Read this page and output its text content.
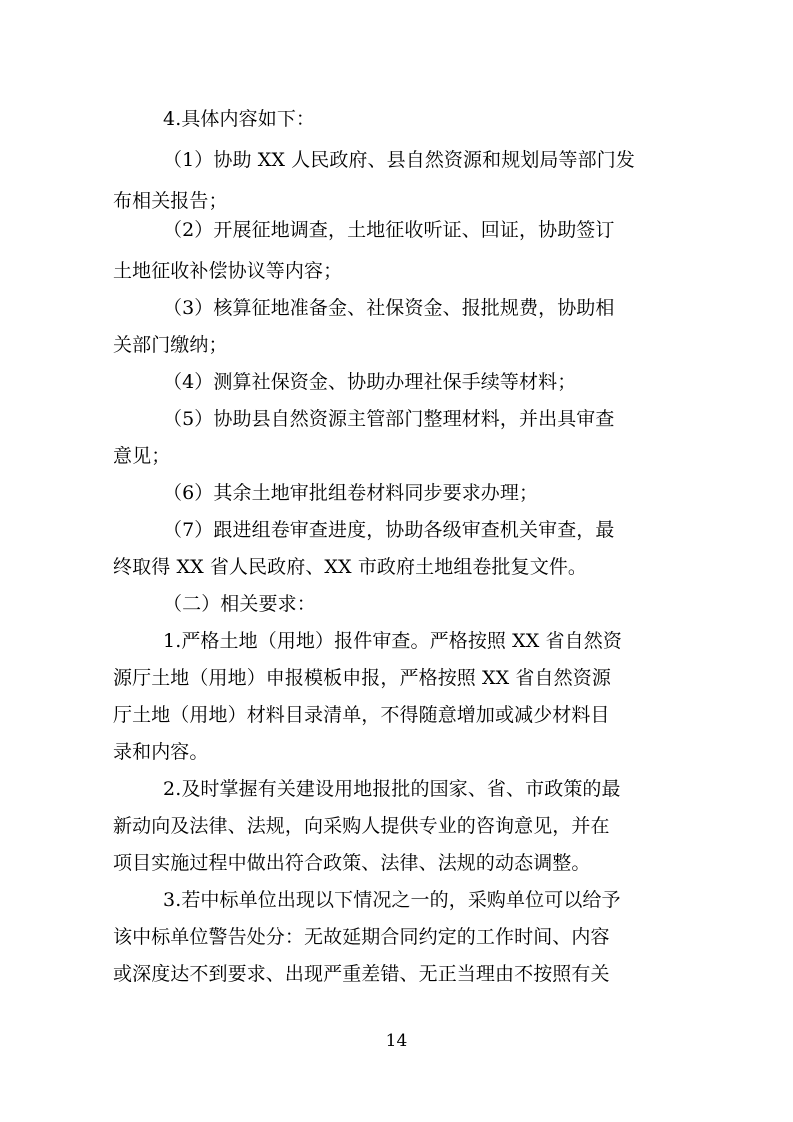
4.具体内容如下：
（1）协助 XX 人民政府、县自然资源和规划局等部门发
布相关报告；
（2）开展征地调查，土地征收听证、回证，协助签订
土地征收补偿协议等内容；
（3）核算征地准备金、社保资金、报批规费，协助相
关部门缴纳；
（4）测算社保资金、协助办理社保手续等材料；
（5）协助县自然资源主管部门整理材料，并出具审查
意见；
（6）其余土地审批组卷材料同步要求办理；
（7）跟进组卷审查进度，协助各级审查机关审查，最
终取得 XX 省人民政府、XX 市政府土地组卷批复文件。
（二）相关要求：
1.严格土地（用地）报件审查。严格按照 XX 省自然资
源厅土地（用地）申报模板申报，严格按照 XX 省自然资源
厅土地（用地）材料目录清单，不得随意增加或减少材料目
录和内容。
2.及时掌握有关建设用地报批的国家、省、市政策的最
新动向及法律、法规，向采购人提供专业的咨询意见，并在
项目实施过程中做出符合政策、法律、法规的动态调整。
3.若中标单位出现以下情况之一的，采购单位可以给予
该中标单位警告处分：无故延期合同约定的工作时间、内容
或深度达不到要求、出现严重差错、无正当理由不按照有关
14
